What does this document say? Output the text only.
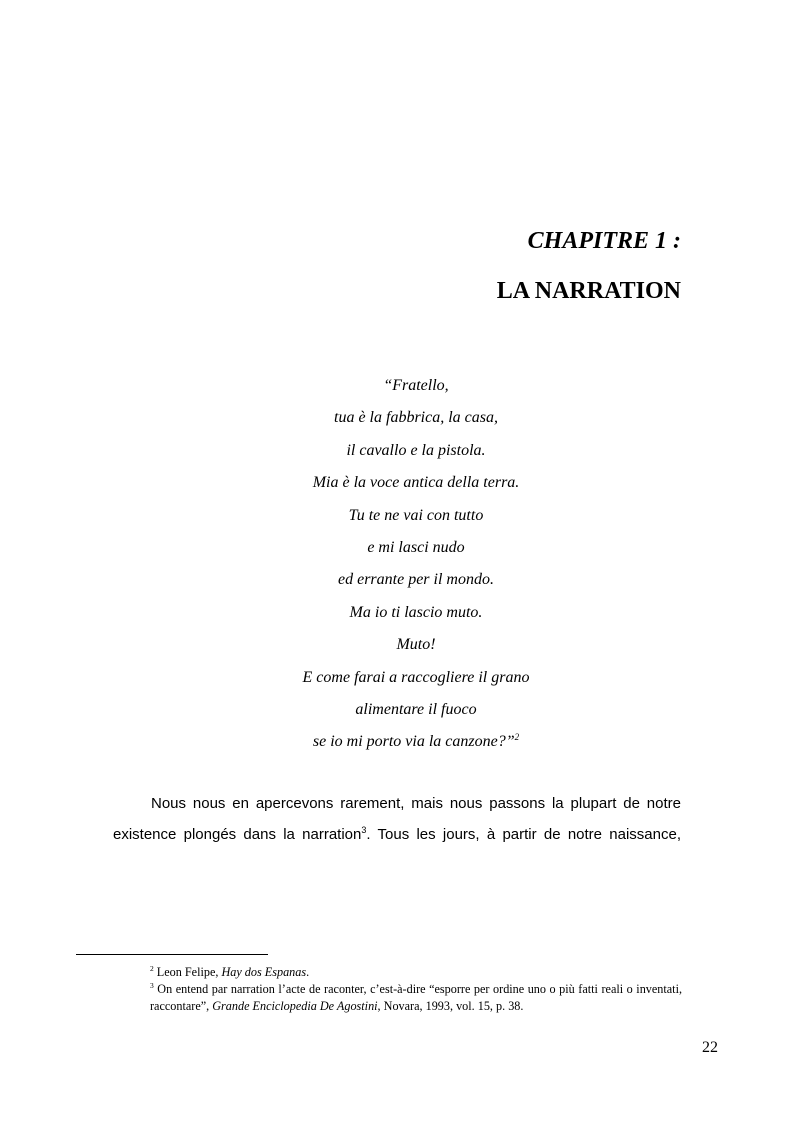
CHAPITRE 1 :
LA NARRATION
“Fratello,
tua è la fabbrica, la casa,
il cavallo e la pistola.
Mia è la voce antica della terra.
Tu te ne vai con tutto
e mi lasci nudo
ed errante per il mondo.
Ma io ti lascio muto.
Muto!
E come farai a raccogliere il grano
alimentare il fuoco
se io mi porto via la canzone?”$^2$
Nous nous en apercevons rarement, mais nous passons la plupart de notre
existence plongés dans la narration$^3$. Tous les jours, à partir de notre naissance,

$^2$ Leon Felipe, Hay dos Espanas.

$^3$ On entend par narration l’acte de raconter, c’est-à-dire “esporre per ordine uno o più fatti reali o inventati, raccontare”, Grande Enciclopedia De Agostini, Novara, 1993, vol. 15, p. 38.

22
